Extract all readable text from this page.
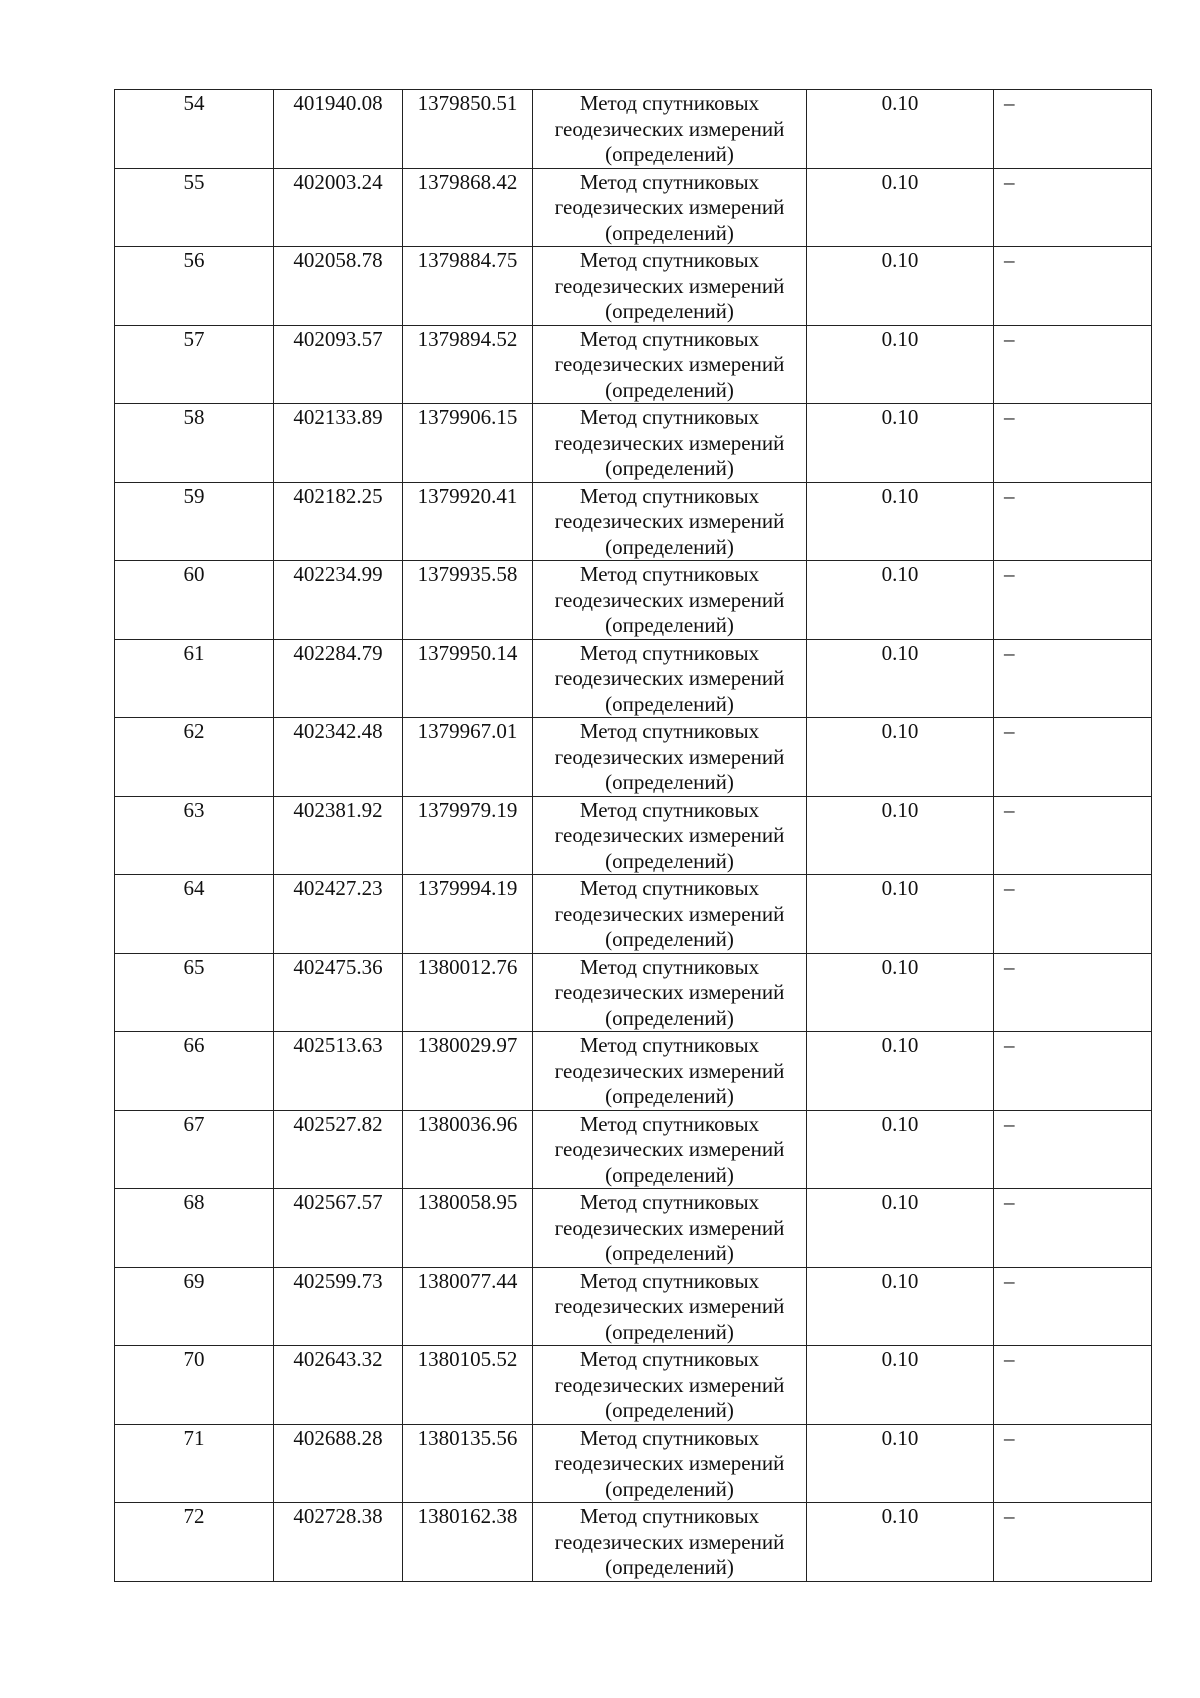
54	401940.08	1379850.51	Метод спутниковых геодезических измерений (определений)	0.10	–
55	402003.24	1379868.42	Метод спутниковых геодезических измерений (определений)	0.10	–
56	402058.78	1379884.75	Метод спутниковых геодезических измерений (определений)	0.10	–
57	402093.57	1379894.52	Метод спутниковых геодезических измерений (определений)	0.10	–
58	402133.89	1379906.15	Метод спутниковых геодезических измерений (определений)	0.10	–
59	402182.25	1379920.41	Метод спутниковых геодезических измерений (определений)	0.10	–
60	402234.99	1379935.58	Метод спутниковых геодезических измерений (определений)	0.10	–
61	402284.79	1379950.14	Метод спутниковых геодезических измерений (определений)	0.10	–
62	402342.48	1379967.01	Метод спутниковых геодезических измерений (определений)	0.10	–
63	402381.92	1379979.19	Метод спутниковых геодезических измерений (определений)	0.10	–
64	402427.23	1379994.19	Метод спутниковых геодезических измерений (определений)	0.10	–
65	402475.36	1380012.76	Метод спутниковых геодезических измерений (определений)	0.10	–
66	402513.63	1380029.97	Метод спутниковых геодезических измерений (определений)	0.10	–
67	402527.82	1380036.96	Метод спутниковых геодезических измерений (определений)	0.10	–
68	402567.57	1380058.95	Метод спутниковых геодезических измерений (определений)	0.10	–
69	402599.73	1380077.44	Метод спутниковых геодезических измерений (определений)	0.10	–
70	402643.32	1380105.52	Метод спутниковых геодезических измерений (определений)	0.10	–
71	402688.28	1380135.56	Метод спутниковых геодезических измерений (определений)	0.10	–
72	402728.38	1380162.38	Метод спутниковых геодезических измерений (определений)	0.10	–
